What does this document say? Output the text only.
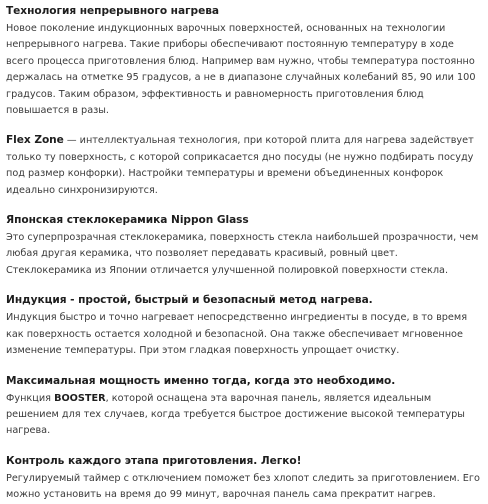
Технология непрерывного нагрева

Новое поколение индукционных варочных поверхностей, основанных на технологии непрерывного нагрева. Такие приборы обеспечивают постоянную температуру в ходе всего процесса приготовления блюд. Например вам нужно, чтобы температура постоянно держалась на отметке 95 градусов, а не в диапазоне случайных колебаний 85, 90 или 100 градусов. Таким образом, эффективность и равномерность приготовления блюд повышается в разы.

Flex Zone — интеллектуальная технология, при которой плита для нагрева задействует только ту поверхность, с которой соприкасается дно посуды (не нужно подбирать посуду под размер конфорки). Настройки температуры и времени объединенных конфорок идеально синхронизируются.

Японская стеклокерамика Nippon Glass

Это суперпрозрачная стеклокерамика, поверхность стекла наибольшей прозрачности, чем любая другая керамика, что позволяет передавать красивый, ровный цвет. Стеклокерамика из Японии отличается улучшенной полировкой поверхности стекла.

Индукция - простой, быстрый и безопасный метод нагрева.

Индукция быстро и точно нагревает непосредственно ингредиенты в посуде, в то время как поверхность остается холодной и безопасной. Она также обеспечивает мгновенное изменение температуры. При этом гладкая поверхность упрощает очистку.

Максимальная мощность именно тогда, когда это необходимо.

Функция BOOSTER, которой оснащена эта варочная панель, является идеальным решением для тех случаев, когда требуется быстрое достижение высокой температуры нагрева.

Контроль каждого этапа приготовления. Легко!

Регулируемый таймер с отключением поможет без хлопот следить за приготовлением. Его можно установить на время до 99 минут, варочная панель сама прекратит нагрев.
